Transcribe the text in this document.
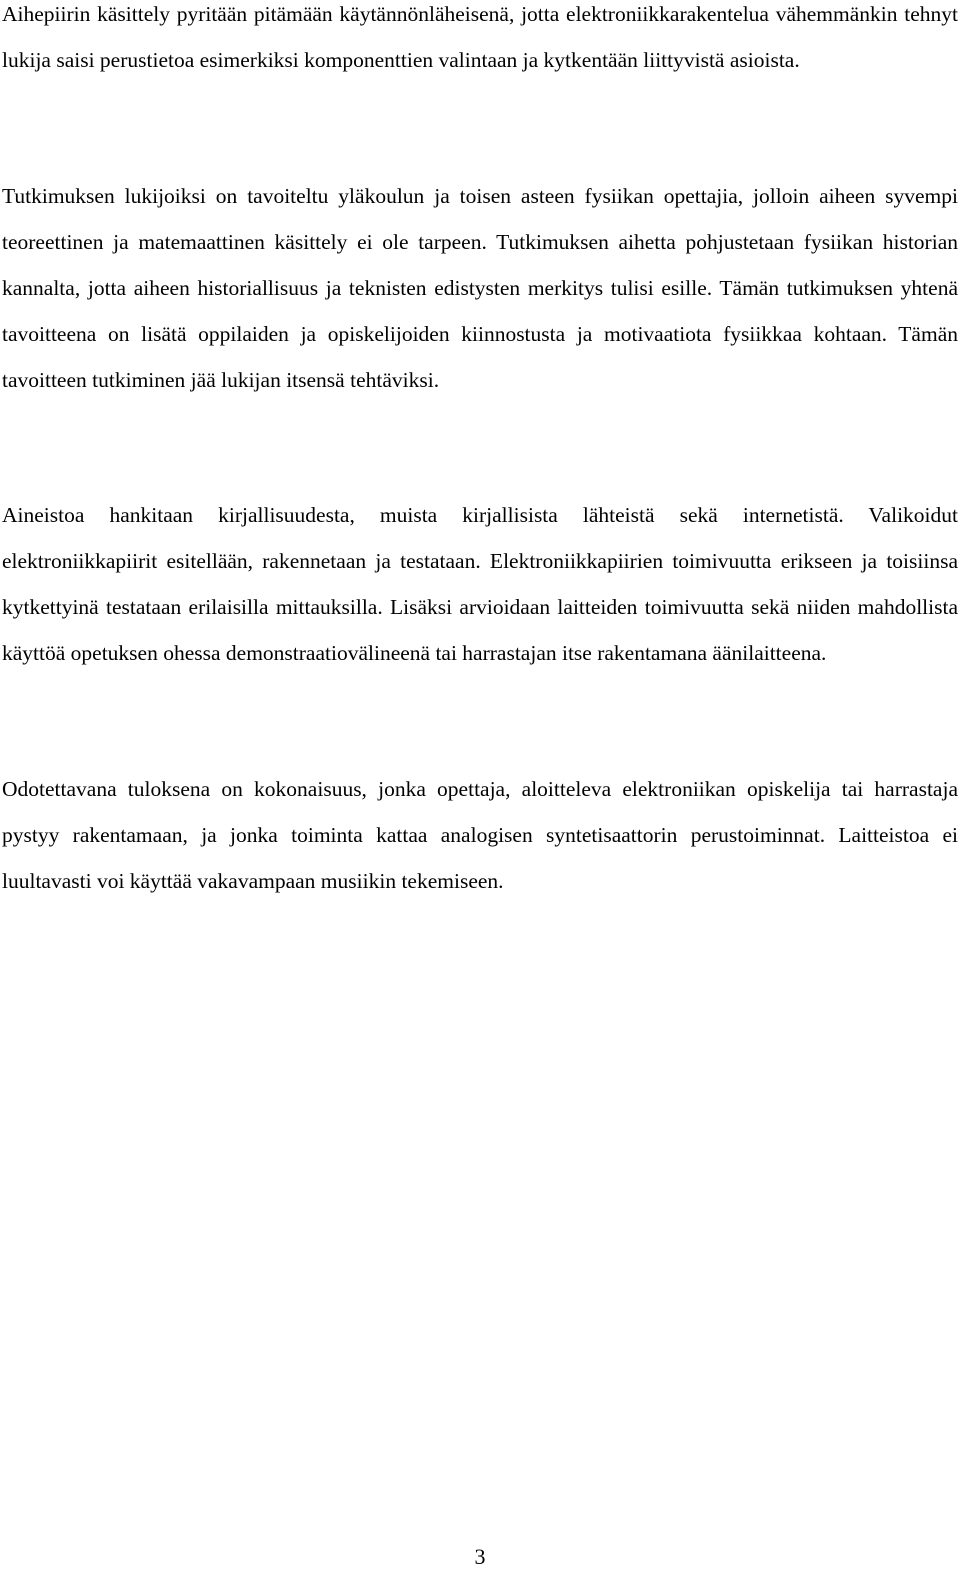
Aihepiirin käsittely pyritään pitämään käytännönläheisenä, jotta elektroniikkarakentelua vähemmänkin tehnyt lukija saisi perustietoa esimerkiksi komponenttien valintaan ja kytkentään liittyvistä asioista.

Tutkimuksen lukijoiksi on tavoiteltu yläkoulun ja toisen asteen fysiikan opettajia, jolloin aiheen syvempi teoreettinen ja matemaattinen käsittely ei ole tarpeen. Tutkimuksen aihetta pohjustetaan fysiikan historian kannalta, jotta aiheen historiallisuus ja teknisten edistysten merkitys tulisi esille. Tämän tutkimuksen yhtenä tavoitteena on lisätä oppilaiden ja opiskelijoiden kiinnostusta ja motivaatiota fysiikkaa kohtaan. Tämän tavoitteen tutkiminen jää lukijan itsensä tehtäviksi.

Aineistoa hankitaan kirjallisuudesta, muista kirjallisista lähteistä sekä internetistä. Valikoidut elektroniikkapiirit esitellään, rakennetaan ja testataan. Elektroniikkapiirien toimivuutta erikseen ja toisiinsa kytkettyinä testataan erilaisilla mittauksilla. Lisäksi arvioidaan laitteiden toimivuutta sekä niiden mahdollista käyttöä opetuksen ohessa demonstraatiovälineenä tai harrastajan itse rakentamana äänilaitteena.

Odotettavana tuloksena on kokonaisuus, jonka opettaja, aloitteleva elektroniikan opiskelija tai harrastaja pystyy rakentamaan, ja jonka toiminta kattaa analogisen syntetisaattorin perustoiminnat. Laitteistoa ei luultavasti voi käyttää vakavampaan musiikin tekemiseen.

3
